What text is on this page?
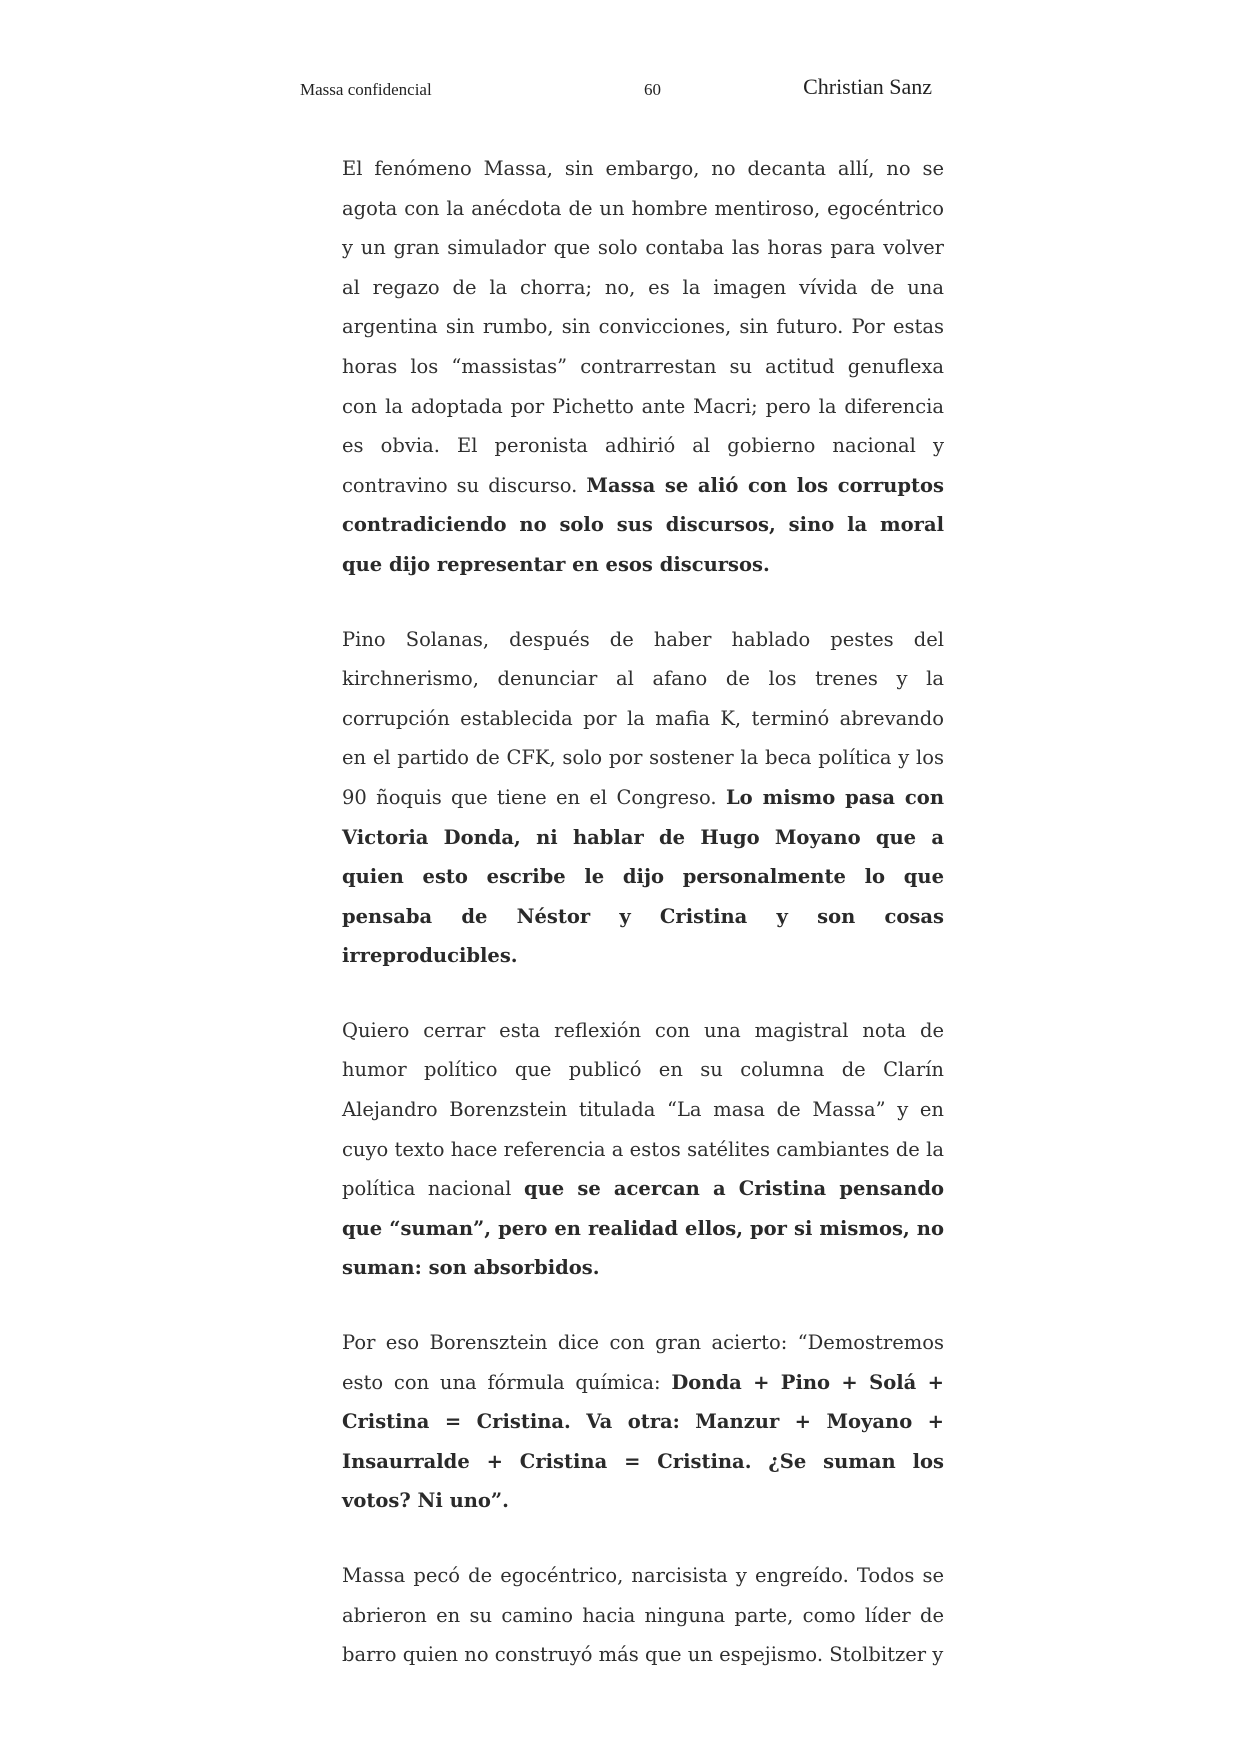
Massa confidencial	60	Christian Sanz

El fenómeno Massa, sin embargo, no decanta allí, no se agota con la anécdota de un hombre mentiroso, egocéntrico y un gran simulador que solo contaba las horas para volver al regazo de la chorra; no, es la imagen vívida de una argentina sin rumbo, sin convicciones, sin futuro. Por estas horas los “massistas” contrarrestan su actitud genuflexa con la adoptada por Pichetto ante Macri; pero la diferencia es obvia. El peronista adhirió al gobierno nacional y contravino su discurso. Massa se alió con los corruptos contradiciendo no solo sus discursos, sino la moral que dijo representar en esos discursos.

Pino Solanas, después de haber hablado pestes del kirchnerismo, denunciar al afano de los trenes y la corrupción establecida por la mafia K, terminó abrevando en el partido de CFK, solo por sostener la beca política y los 90 ñoquis que tiene en el Congreso. Lo mismo pasa con Victoria Donda, ni hablar de Hugo Moyano que a quien esto escribe le dijo personalmente lo que pensaba de Néstor y Cristina y son cosas irreproducibles.

Quiero cerrar esta reflexión con una magistral nota de humor político que publicó en su columna de Clarín Alejandro Borenzstein titulada “La masa de Massa” y en cuyo texto hace referencia a estos satélites cambiantes de la política nacional que se acercan a Cristina pensando que “suman”, pero en realidad ellos, por si mismos, no suman: son absorbidos.

Por eso Borensztein dice con gran acierto: “Demostremos esto con una fórmula química: Donda + Pino + Solá + Cristina = Cristina. Va otra: Manzur + Moyano + Insaurralde + Cristina = Cristina. ¿Se suman los votos? Ni uno”.

Massa pecó de egocéntrico, narcisista y engreído. Todos se abrieron en su camino hacia ninguna parte, como líder de barro quien no construyó más que un espejismo. Stolbitzer y
